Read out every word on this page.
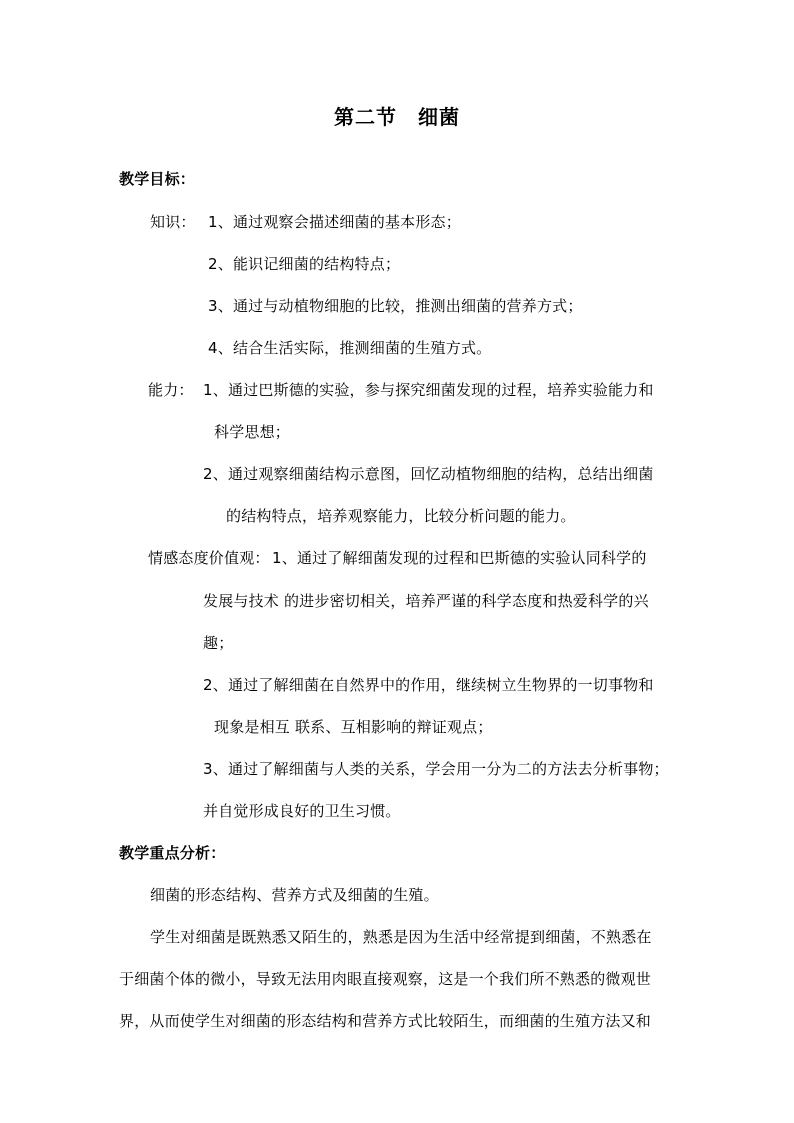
第二节　细菌
教学目标：
知识： 1、通过观察会描述细菌的基本形态；
2、能识记细菌的结构特点；
3、通过与动植物细胞的比较，推测出细菌的营养方式；
4、结合生活实际，推测细菌的生殖方式。
能力： 1、通过巴斯德的实验，参与探究细菌发现的过程，培养实验能力和
科学思想；
2、通过观察细菌结构示意图，回忆动植物细胞的结构，总结出细菌
的结构特点，培养观察能力，比较分析问题的能力。
情感态度价值观： 1、通过了解细菌发现的过程和巴斯德的实验认同科学的
发展与技术 的进步密切相关，培养严谨的科学态度和热爱科学的兴
趣；
2、通过了解细菌在自然界中的作用，继续树立生物界的一切事物和
现象是相互 联系、互相影响的辩证观点；
3、通过了解细菌与人类的关系，学会用一分为二的方法去分析事物；
并自觉形成良好的卫生习惯。
教学重点分析：
细菌的形态结构、营养方式及细菌的生殖。
学生对细菌是既熟悉又陌生的，熟悉是因为生活中经常提到细菌，不熟悉在
于细菌个体的微小，导致无法用肉眼直接观察，这是一个我们所不熟悉的微观世
界，从而使学生对细菌的形态结构和营养方式比较陌生，而细菌的生殖方法又和
